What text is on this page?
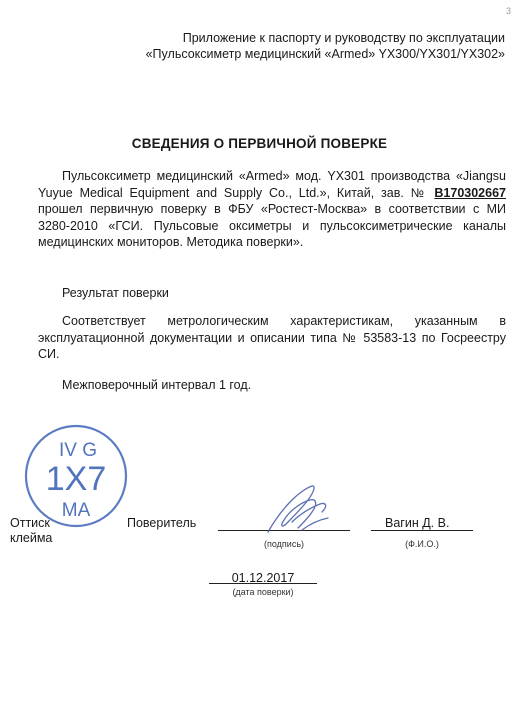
3
Приложение к паспорту и руководству по эксплуатации
«Пульсоксиметр медицинский «Armed» YX300/YX301/YX302»
СВЕДЕНИЯ О ПЕРВИЧНОЙ ПОВЕРКЕ
Пульсоксиметр медицинский «Armed» мод. YX301 производства «Jiangsu Yuyue Medical Equipment and Supply Co., Ltd.», Китай, зав. № B170302667 прошел первичную поверку в ФБУ «Ростест-Москва» в соответствии с МИ 3280-2010 «ГСИ. Пульсовые оксиметры и пульсоксиметрические каналы медицинских мониторов. Методика поверки».
Результат поверки
Соответствует метрологическим характеристикам, указанным в эксплуатационной документации и описании типа № 53583-13 по Госреестру СИ.
Межповерочный интервал 1 год.
IV G
1X7
MA
Оттиск
клейма
Поверитель
(подпись)
Вагин Д. В.
(Ф.И.О.)
01.12.2017
(дата поверки)
